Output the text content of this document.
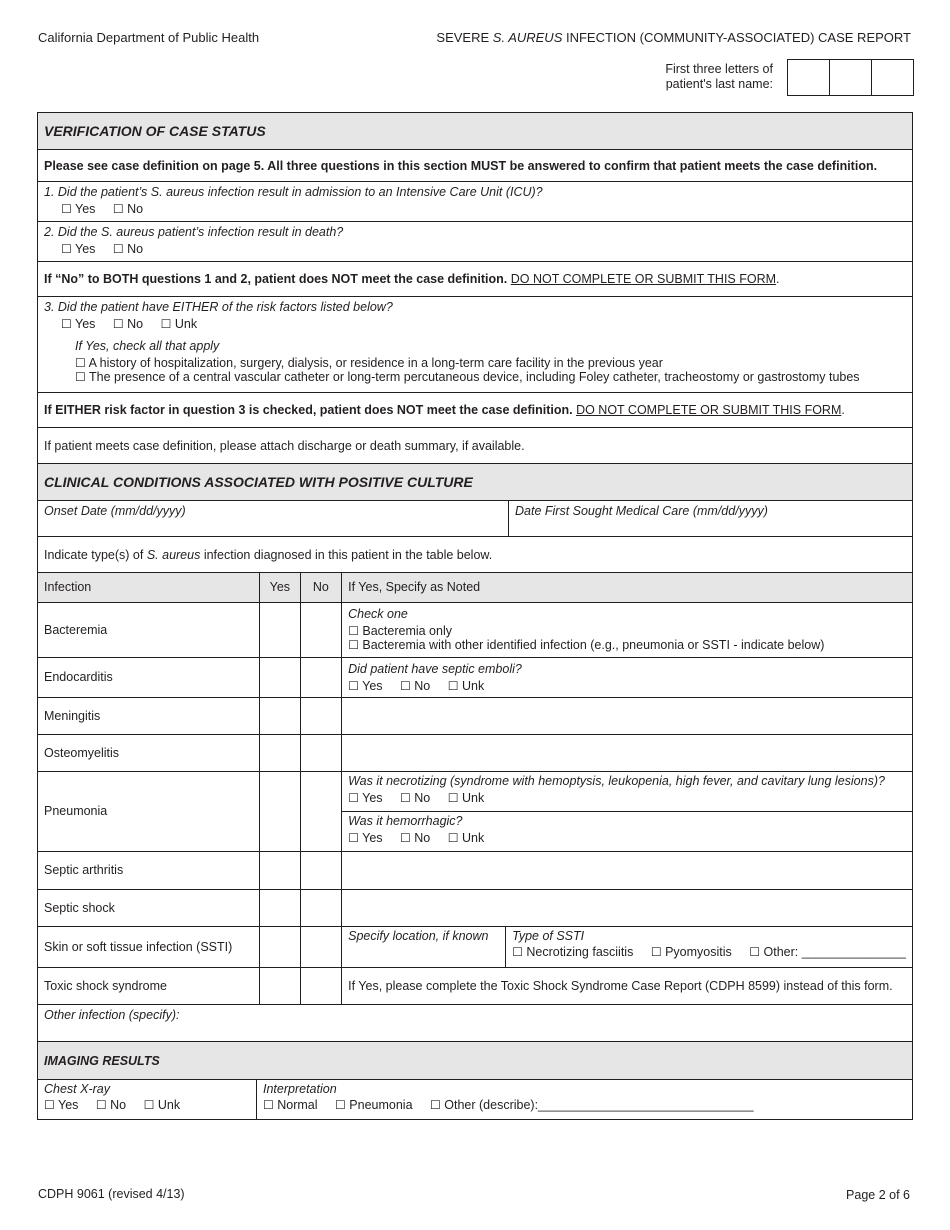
California Department of Public Health	SEVERE S. AUREUS INFECTION (COMMUNITY-ASSOCIATED) CASE REPORT
First three letters of
patient's last name:
VERIFICATION OF CASE STATUS
Please see case definition on page 5. All three questions in this section MUST be answered to confirm that patient meets the case definition.
1. Did the patient’s S. aureus infection result in admission to an Intensive Care Unit (ICU)?
☐ Yes ☐ No
2. Did the S. aureus patient’s infection result in death?
☐ Yes ☐ No
If “No” to BOTH questions 1 and 2, patient does NOT meet the case definition. DO NOT COMPLETE OR SUBMIT THIS FORM.
3. Did the patient have EITHER of the risk factors listed below?
☐ Yes ☐ No ☐ Unk
If Yes, check all that apply
☐ A history of hospitalization, surgery, dialysis, or residence in a long-term care facility in the previous year
☐ The presence of a central vascular catheter or long-term percutaneous device, including Foley catheter, tracheostomy or gastrostomy tubes
If EITHER risk factor in question 3 is checked, patient does NOT meet the case definition. DO NOT COMPLETE OR SUBMIT THIS FORM.
If patient meets case definition, please attach discharge or death summary, if available.
CLINICAL CONDITIONS ASSOCIATED WITH POSITIVE CULTURE
Onset Date (mm/dd/yyyy)	Date First Sought Medical Care (mm/dd/yyyy)
Indicate type(s) of S. aureus infection diagnosed in this patient in the table below.
Infection	Yes	No	If Yes, Specify as Noted
Bacteremia			Check one
☐ Bacteremia only
☐ Bacteremia with other identified infection (e.g., pneumonia or SSTI - indicate below)

Endocarditis			Did patient have septic emboli?
☐ Yes ☐ No ☐ Unk

Meningitis			
Osteomyelitis			
Pneumonia			Was it necrotizing (syndrome with hemoptysis, leukopenia, high fever, and cavitary lung lesions)?
☐ Yes ☐ No ☐ Unk
Was it hemorrhagic?
☐ Yes ☐ No ☐ Unk

Septic arthritis			
Septic shock			
Skin or soft tissue infection (SSTI)			Specify location, if known Type of SSTI
☐ Necrotizing fasciitis ☐ Pyomyositis ☐ Other: _______________

Toxic shock syndrome			If Yes, please complete the Toxic Shock Syndrome Case Report (CDPH 8599) instead of this form.
Other infection (specify):
IMAGING RESULTS
Chest X-ray
☐ Yes ☐ No ☐ Unk
Interpretation
☐ Normal ☐ Pneumonia ☐ Other (describe):_______________________________
CDPH 9061 (revised 4/13)	Page 2 of 6
